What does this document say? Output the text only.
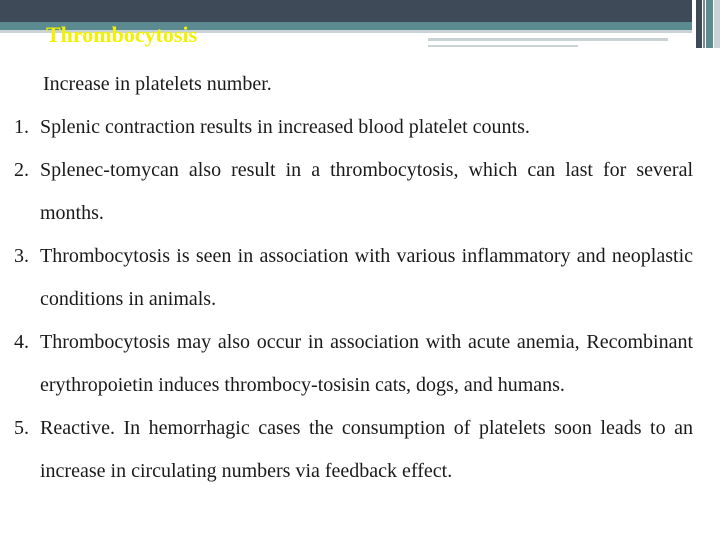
Thrombocytosis

Increase in platelets number.

1. Splenic contraction results in increased blood platelet counts.
2. Splenec-tomycan also result in a thrombocytosis, which can last for several months.
3. Thrombocytosis is seen in association with various inflammatory and neoplastic conditions in animals.
4. Thrombocytosis may also occur in association with acute anemia, Recombinant erythropoietin induces thrombocy-tosisin cats, dogs, and humans.
5. Reactive. In hemorrhagic cases the consumption of platelets soon leads to an increase in circulating numbers via feedback effect.
